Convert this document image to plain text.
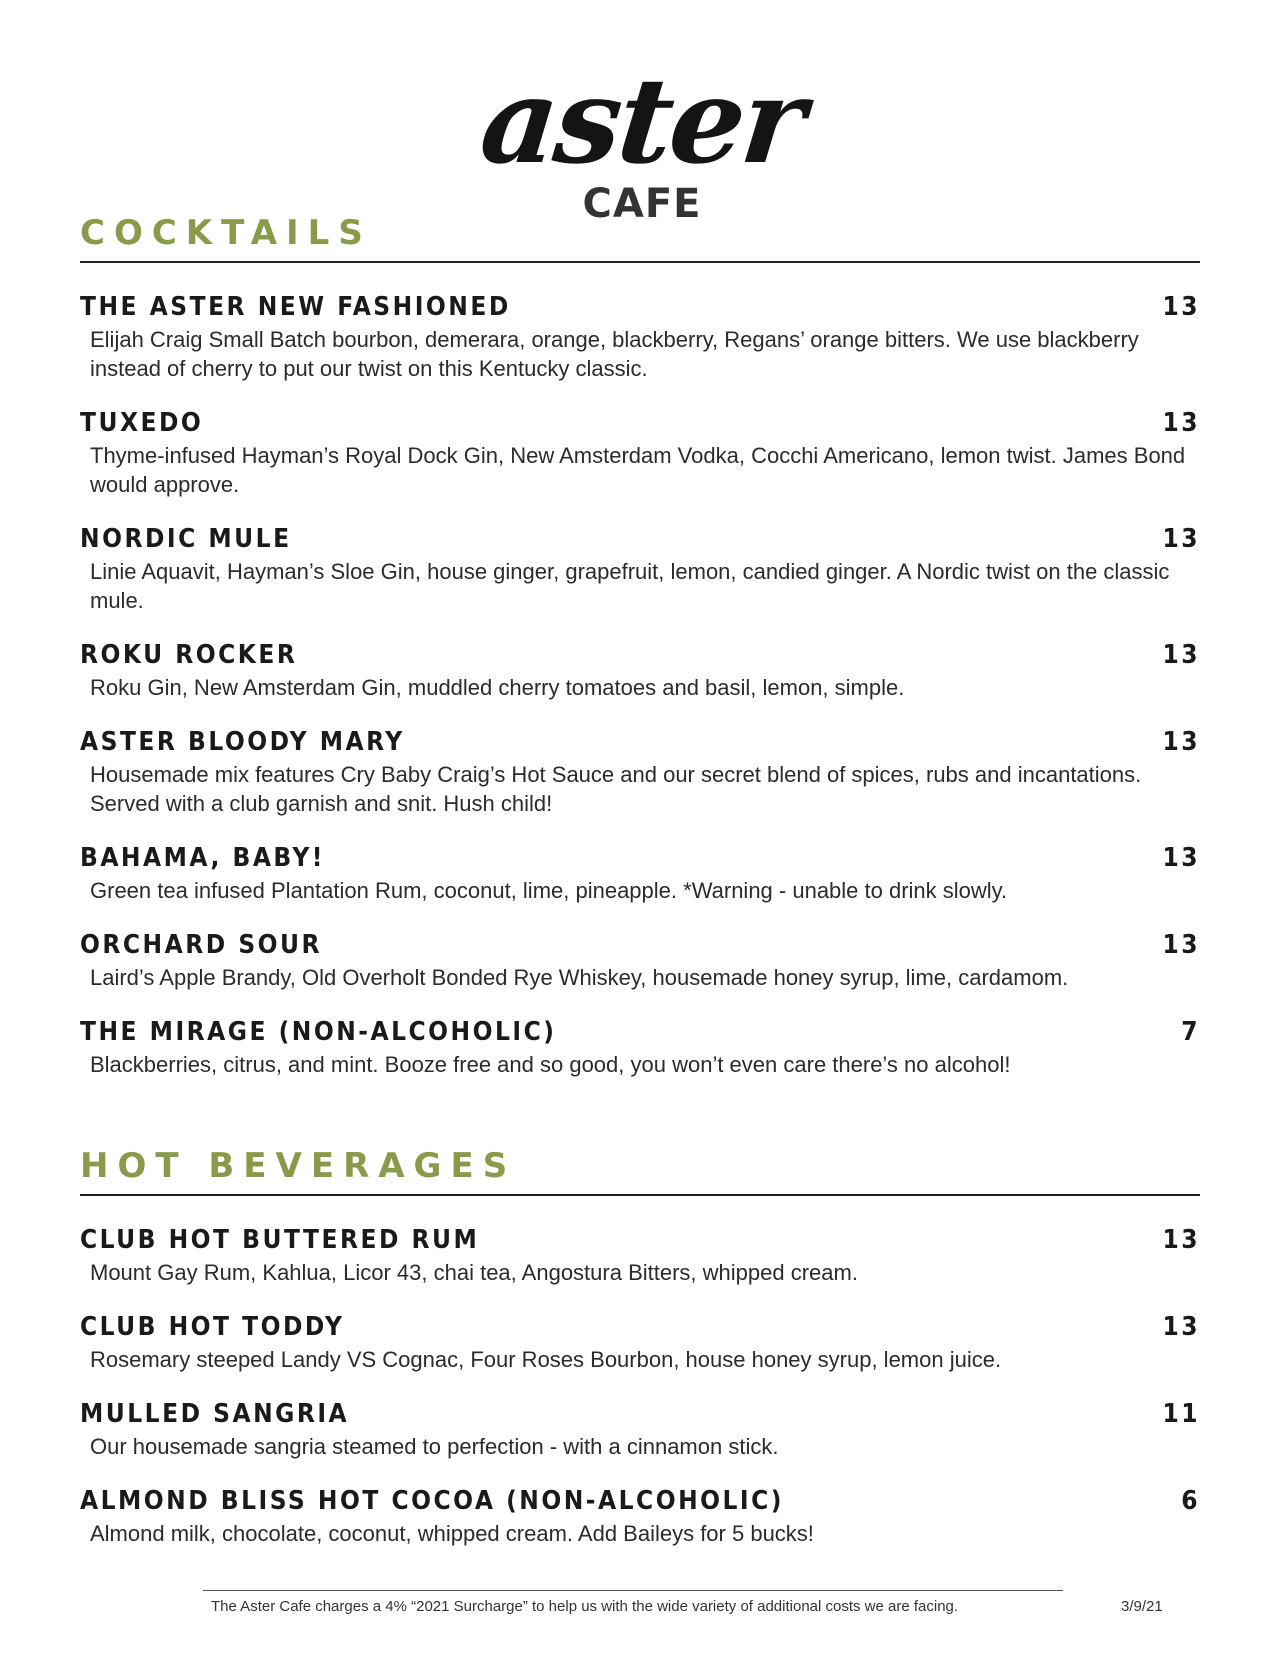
aster
CAFE
COCKTAILS
THE ASTER NEW FASHIONED	13
Elijah Craig Small Batch bourbon, demerara, orange, blackberry, Regans’ orange bitters. We use blackberry instead of cherry to put our twist on this Kentucky classic.
TUXEDO	13
Thyme-infused Hayman’s Royal Dock Gin, New Amsterdam Vodka, Cocchi Americano, lemon twist. James Bond would approve.
NORDIC MULE	13
Linie Aquavit, Hayman’s Sloe Gin, house ginger, grapefruit, lemon, candied ginger. A Nordic twist on the classic mule.
ROKU ROCKER	13
Roku Gin, New Amsterdam Gin, muddled cherry tomatoes and basil, lemon, simple.
ASTER BLOODY MARY	13
Housemade mix features Cry Baby Craig’s Hot Sauce and our secret blend of spices, rubs and incantations. Served with a club garnish and snit. Hush child!
BAHAMA, BABY!	13
Green tea infused Plantation Rum, coconut, lime, pineapple. *Warning - unable to drink slowly.
ORCHARD SOUR	13
Laird’s Apple Brandy, Old Overholt Bonded Rye Whiskey, housemade honey syrup, lime, cardamom.
THE MIRAGE (NON-ALCOHOLIC)	7
Blackberries, citrus, and mint. Booze free and so good, you won’t even care there’s no alcohol!
HOT BEVERAGES
CLUB HOT BUTTERED RUM	13
Mount Gay Rum, Kahlua, Licor 43, chai tea, Angostura Bitters, whipped cream.
CLUB HOT TODDY	13
Rosemary steeped Landy VS Cognac, Four Roses Bourbon, house honey syrup, lemon juice.
MULLED SANGRIA	11
Our housemade sangria steamed to perfection - with a cinnamon stick.
ALMOND BLISS HOT COCOA (NON-ALCOHOLIC)	6
Almond milk, chocolate, coconut, whipped cream. Add Baileys for 5 bucks!
The Aster Cafe charges a 4% “2021 Surcharge” to help us with the wide variety of additional costs we are facing.	3/9/21
